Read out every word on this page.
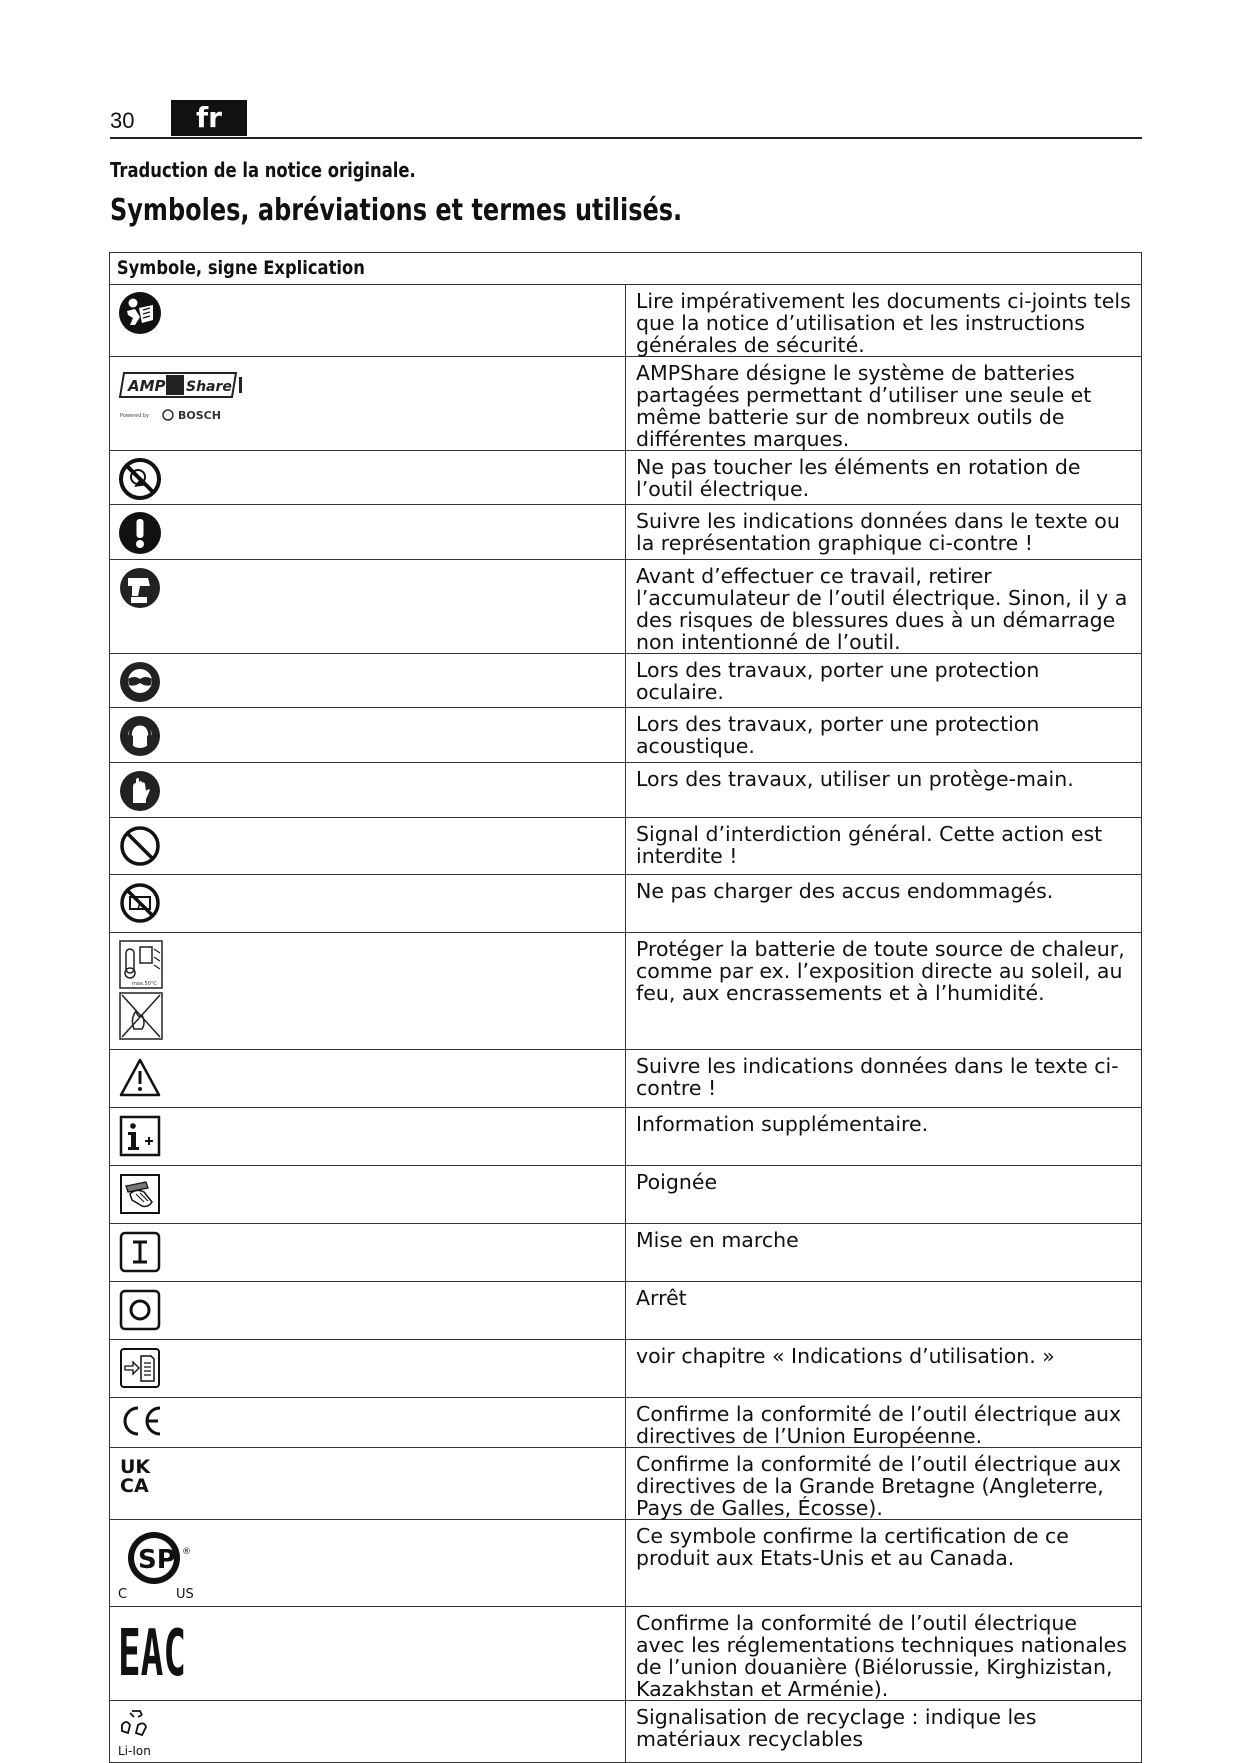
30	fr
Traduction de la notice originale.
Symboles, abréviations et termes utilisés.
Symbole, signe Explication	

	Lire impérativement les documents ci-joints tels que la notice d’utilisation et les instructions générales de sécurité.

AMP Share
Powered by BOSCH	AMPShare désigne le système de batteries partagées permettant d’utiliser une seule et même batterie sur de nombreux outils de différentes marques.

	Ne pas toucher les éléments en rotation de l’outil électrique.

	Suivre les indications données dans le texte ou la représentation graphique ci-contre !

	Avant d’effectuer ce travail, retirer l’accumulateur de l’outil électrique. Sinon, il y a des risques de blessures dues à un démarrage non intentionné de l’outil.

	Lors des travaux, porter une protection oculaire.

	Lors des travaux, porter une protection acoustique.

	Lors des travaux, utiliser un protège-main.

	Signal d’interdiction général. Cette action est interdite !

	Ne pas charger des accus endommagés.

max.50°C	Protéger la batterie de toute source de chaleur, comme par ex. l’exposition directe au soleil, au feu, aux encrassements et à l’humidité.

	Suivre les indications données dans le texte ci-contre !

	Information supplémentaire.

	Poignée

	Mise en marche

	Arrêt

	voir chapitre « Indications d’utilisation. »

	Confirme la conformité de l’outil électrique aux directives de l’Union Européenne.

UK
CA	Confirme la conformité de l’outil électrique aux directives de la Grande Bretagne (Angleterre, Pays de Galles, Écosse).

SP ®
C US	Ce symbole confirme la certification de ce produit aux Etats-Unis et au Canada.

EAC	Confirme la conformité de l’outil électrique avec les réglementations techniques nationales de l’union douanière (Biélorussie, Kirghizistan, Kazakhstan et Arménie).

Li-Ion	Signalisation de recyclage : indique les matériaux recyclables
